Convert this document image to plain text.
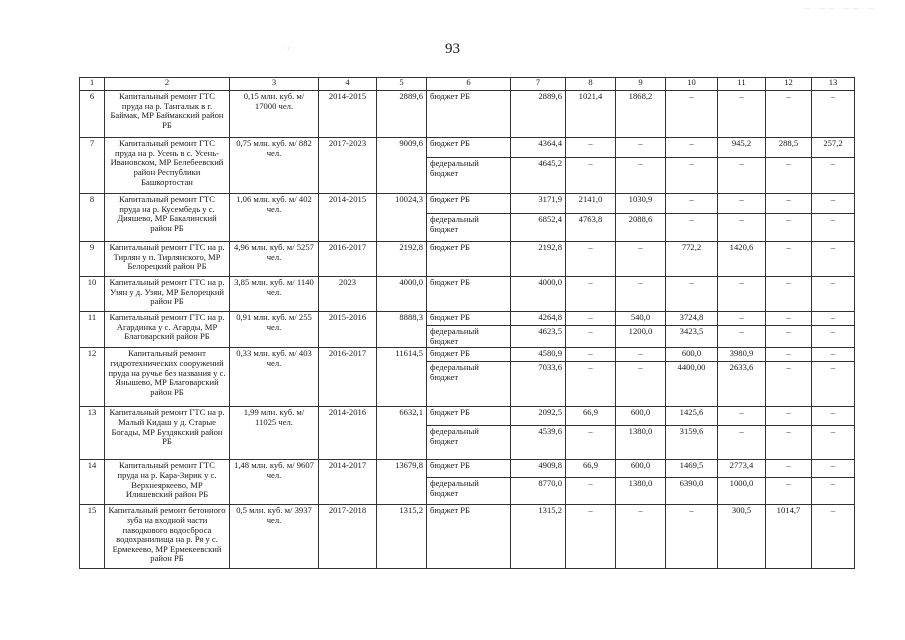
— · — — · — — · —
93
· / ·
1	2	3	4	5	6	7	8	9	10	11	12	13
6	Капитальный ремонт ГТС пруда на р. Тангалык в г. Баймак, МР Баймакский район РБ	0,15 млн. куб. м/ 17000 чел.	2014-2015	2889,6	бюджет РБ	2889,6	1021,4	1868,2	–	–	–	–
7	Капитальный ремонт ГТС пруда на р. Усень в с. Усень-Ивановском, МР Белебеевский район Республики Башкортостан	0,75 млн. куб. м/ 882 чел.	2017-2023	9009,6	бюджет РБ	4364,4	–	–	–	945,2	288,5	257,2
					федеральный бюджет	4645,2	–	–	–	–	–	–
8	Капитальный ремонт ГТС пруда на р. Кусембедь у с. Дияшево, МР Бакалинский район РБ	1,06 млн. куб. м/ 402 чел.	2014-2015	10024,3	бюджет РБ	3171,9	2141,0	1030,9	–	–	–	–
					федеральный бюджет	6852,4	4763,8	2088,6	–	–	–	–
9	Капитальный ремонт ГТС на р. Тирлян у п. Тирлянского, МР Белорецкий район РБ	4,96 млн. куб. м/ 5257 чел.	2016-2017	2192,8	бюджет РБ	2192,8	–	–	772,2	1420,6	–	–
10	Капитальный ремонт ГТС на р. Узян у д. Узян, МР Белорецкий район РБ	3,85 млн. куб. м/ 1140 чел.	2023	4000,0	бюджет РБ	4000,0	–	–	–	–	–	–
11	Капитальный ремонт ГТС на р. Агардинка у с. Агарды, МР Благоварский район РБ	0,91 млн. куб. м/ 255 чел.	2015-2016	8888,3	бюджет РБ	4264,8	–	540,0	3724,8	–	–	–
					федеральный бюджет	4623,5	–	1200,0	3423,5	–	–	–
12	Капитальный ремонт гидротехнических сооружений пруда на ручье без названия у с. Янышево, МР Благоварский район РБ	0,33 млн. куб. м/ 403 чел.	2016-2017	11614,5	бюджет РБ	4580,9	–	–	600,0	3980,9	–	–
					федеральный бюджет	7033,6	–	–	4400,00	2633,6	–	–
13	Капитальный ремонт ГТС на р. Малый Кидаш у д. Старые Богады, МР Буздякский район РБ	1,99 млн. куб. м/ 11025 чел.	2014-2016	6632,1	бюджет РБ	2092,5	66,9	600,0	1425,6	–	–	–
					федеральный бюджет	4539,6	–	1380,0	3159,6	–	–	–
14	Капитальный ремонт ГТС пруда на р. Кара-Зирик у с. Верхнеяркеево, МР Илишевский район РБ	1,48 млн. куб. м/ 9607 чел.	2014-2017	13679,8	бюджет РБ	4909,8	66,9	600,0	1469,5	2773,4	–	–
					федеральный бюджет	8770,0	–	1380,0	6390,0	1000,0	–	–
15	Капитальный ремонт бетонного зуба на входной части паводкового водосброса водохранилища на р. Ря у с. Ермекеево, МР Ермекеевский район РБ	0,5 млн. куб. м/ 3937 чел.	2017-2018	1315,2	бюджет РБ	1315,2	–	–	–	300,5	1014,7	–
